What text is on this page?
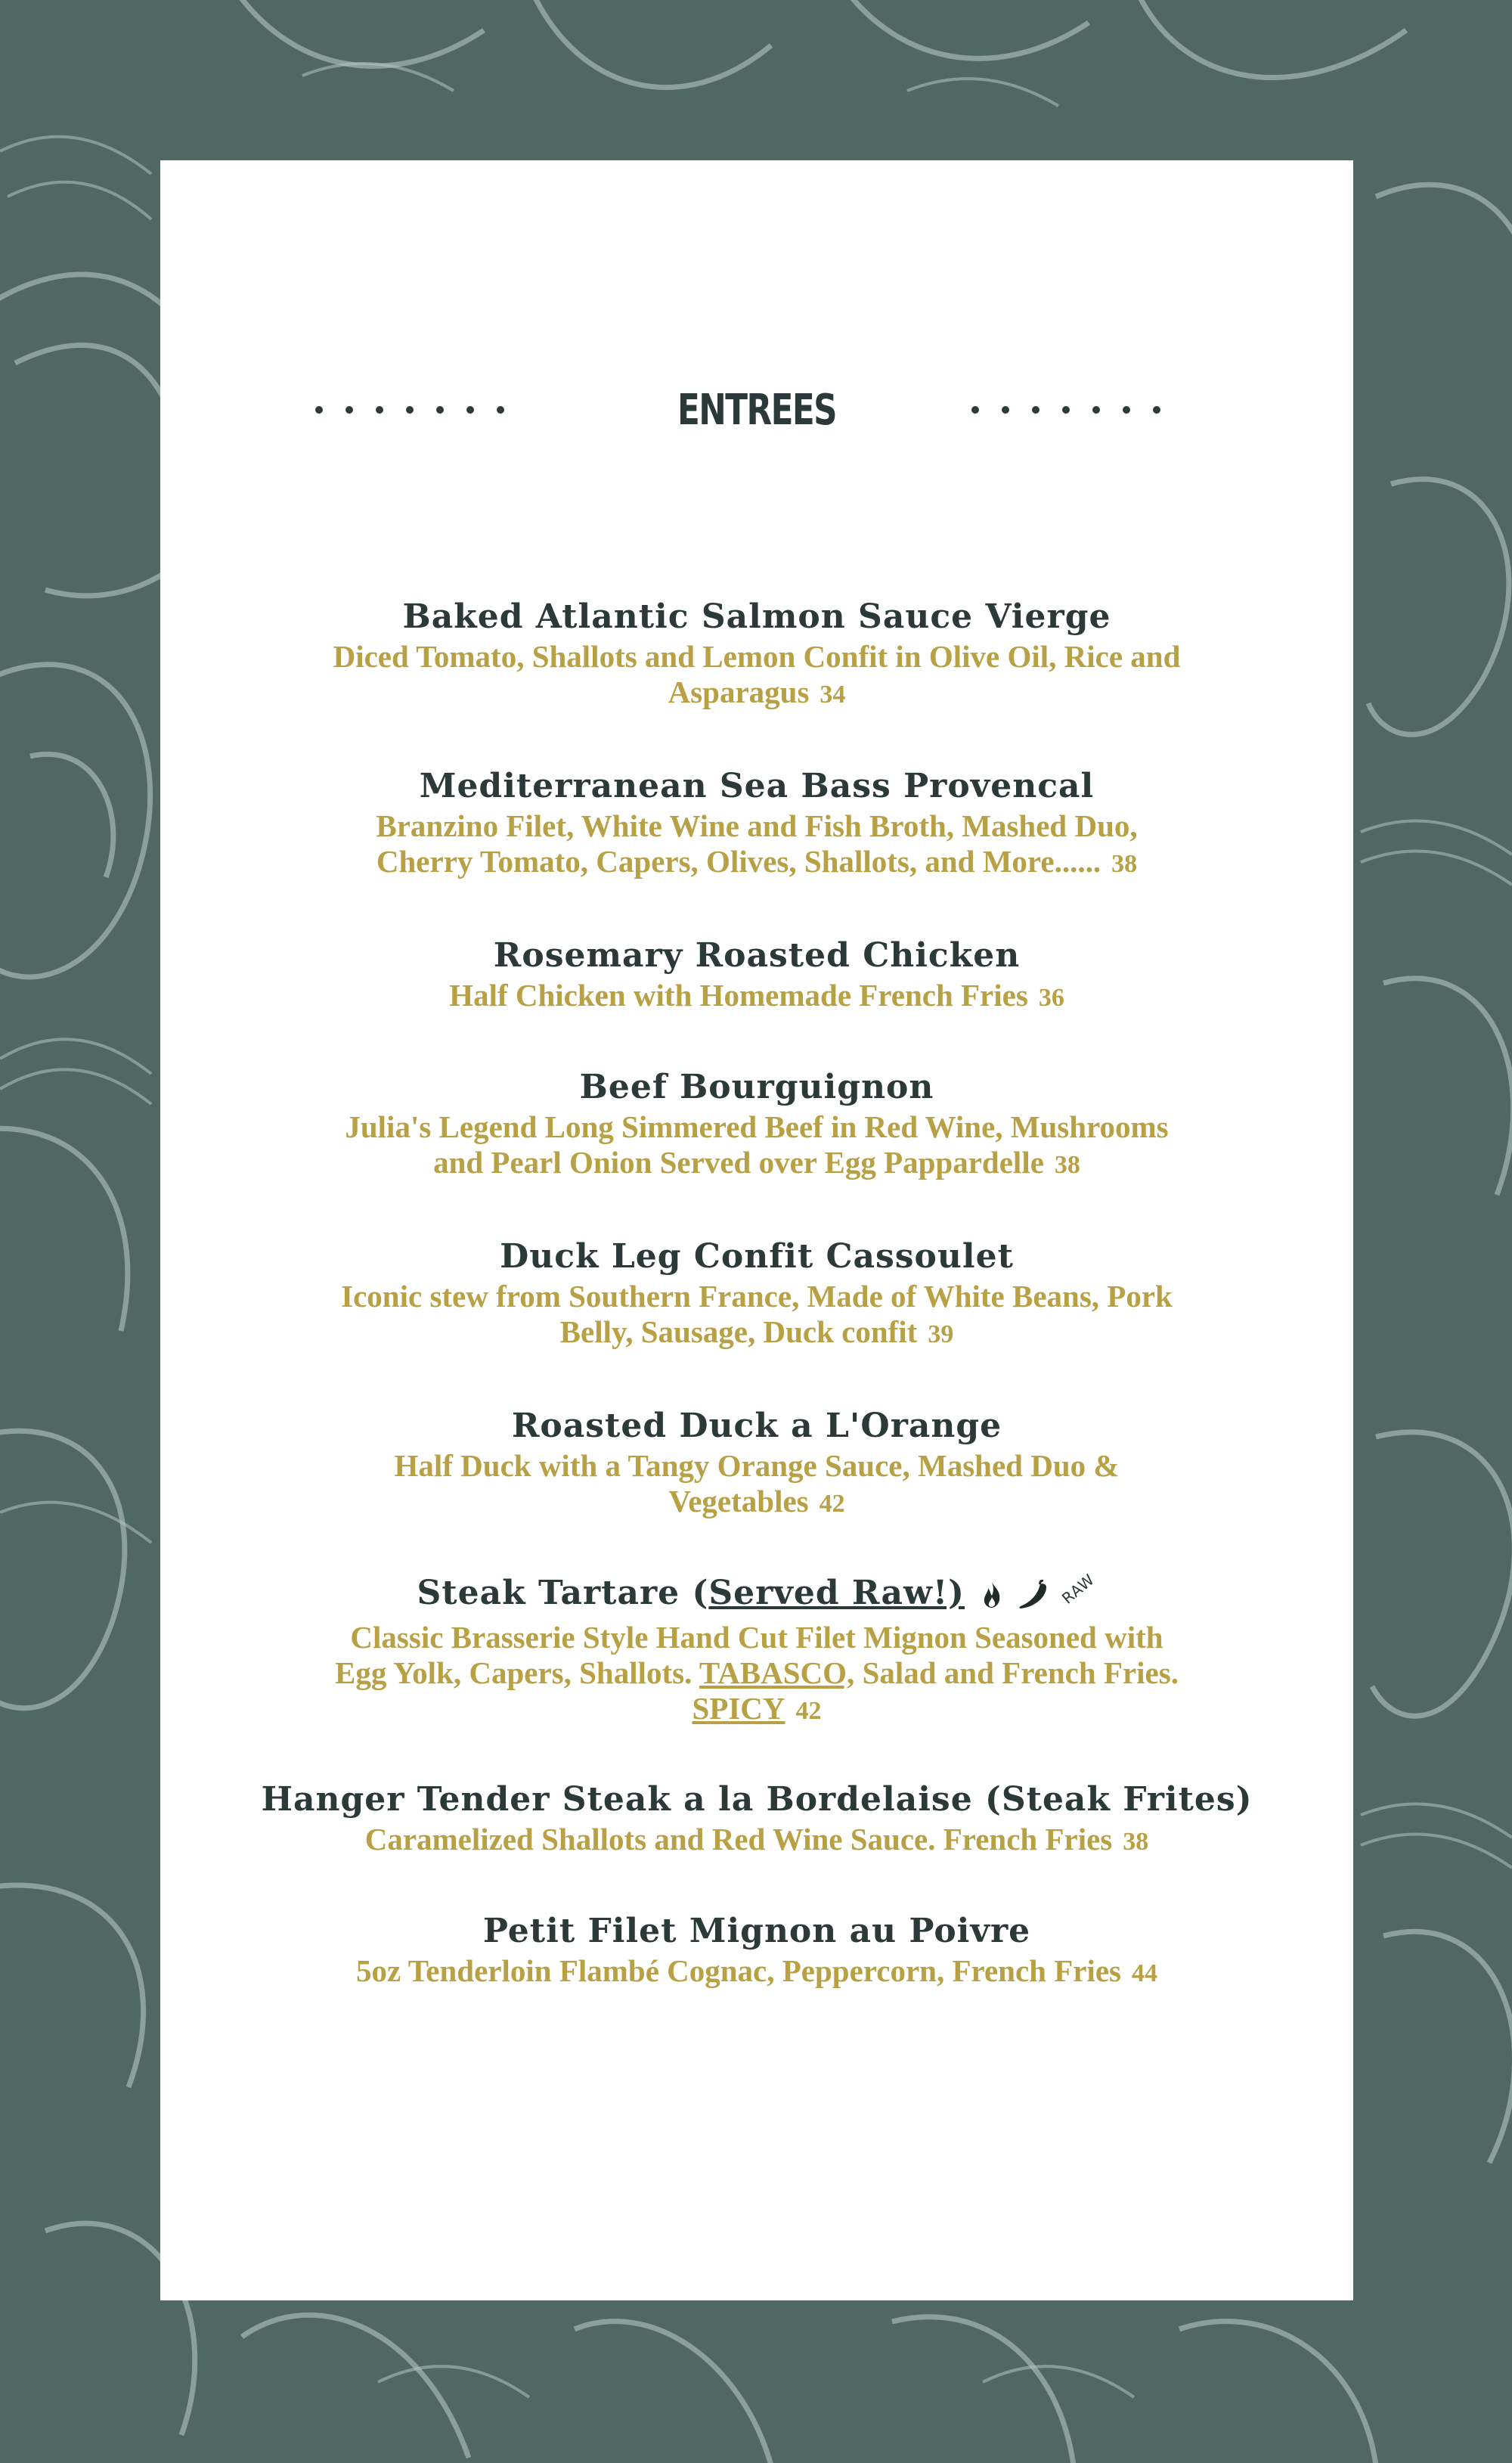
ENTREES
Baked Atlantic Salmon Sauce Vierge
Diced Tomato, Shallots and Lemon Confit in Olive Oil, Rice and
Asparagus 34
Mediterranean Sea Bass Provencal
Branzino Filet, White Wine and Fish Broth, Mashed Duo,
Cherry Tomato, Capers, Olives, Shallots, and More...... 38
Rosemary Roasted Chicken
Half Chicken with Homemade French Fries 36
Beef Bourguignon
Julia's Legend Long Simmered Beef in Red Wine, Mushrooms
and Pearl Onion Served over Egg Pappardelle 38
Duck Leg Confit Cassoulet
Iconic stew from Southern France, Made of White Beans, Pork
Belly, Sausage, Duck confit 39
Roasted Duck a L'Orange
Half Duck with a Tangy Orange Sauce, Mashed Duo &
Vegetables 42
Steak Tartare (Served Raw!)	RAW
Classic Brasserie Style Hand Cut Filet Mignon Seasoned with
Egg Yolk, Capers, Shallots. TABASCO, Salad and French Fries.
SPICY 42
Hanger Tender Steak a la Bordelaise (Steak Frites)
Caramelized Shallots and Red Wine Sauce. French Fries 38
Petit Filet Mignon au Poivre
5oz Tenderloin Flambé Cognac, Peppercorn, French Fries 44
